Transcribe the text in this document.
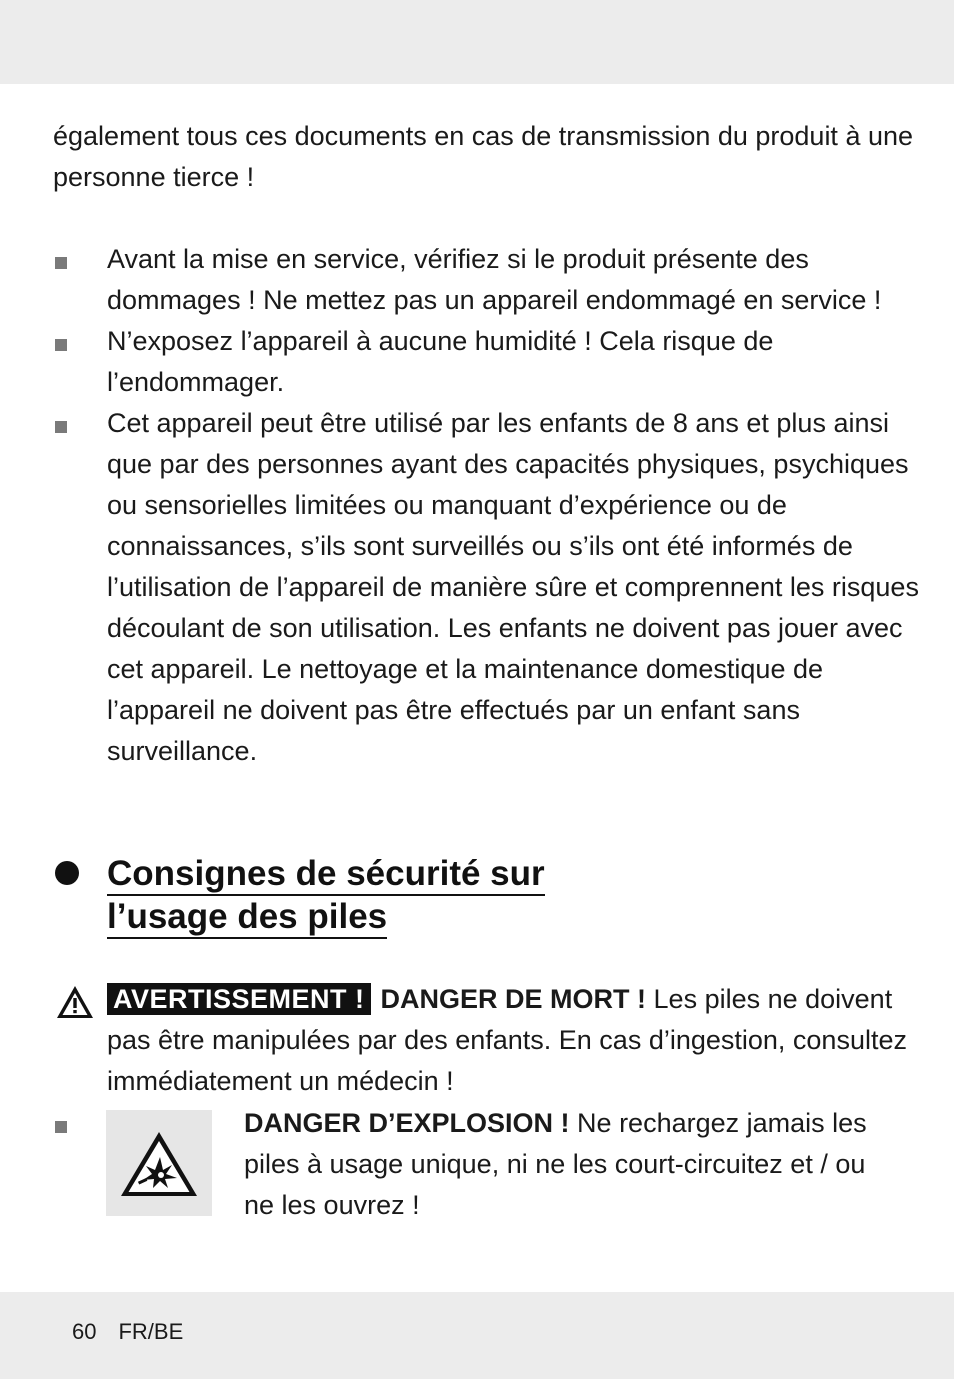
également tous ces documents en cas de transmission du produit à une personne tierce !

Avant la mise en service, vérifiez si le produit présente des dommages ! Ne mettez pas un appareil endommagé en service !
N’exposez l’appareil à aucune humidité ! Cela risque de l’endommager.
Cet appareil peut être utilisé par les enfants de 8 ans et plus ainsi que par des personnes ayant des capacités physiques, psychiques ou sensorielles limitées ou manquant d’expérience ou de connaissances, s’ils sont surveillés ou s’ils ont été informés de l’utilisation de l’appareil de manière sûre et comprennent les risques découlant de son utilisation. Les enfants ne doivent pas jouer avec cet appareil. Le nettoyage et la maintenance domestique de l’appareil ne doivent pas être effectués par un enfant sans surveillance.
Consignes de sécurité sur
l’usage des piles
AVERTISSEMENT ! DANGER DE MORT ! Les piles ne doivent pas être manipulées par des enfants. En cas d’ingestion, consultez immédiatement un médecin !
DANGER D’EXPLOSION ! Ne rechargez jamais les piles à usage unique, ni ne les court-circuitez et / ou ne les ouvrez !
60 FR/BE
